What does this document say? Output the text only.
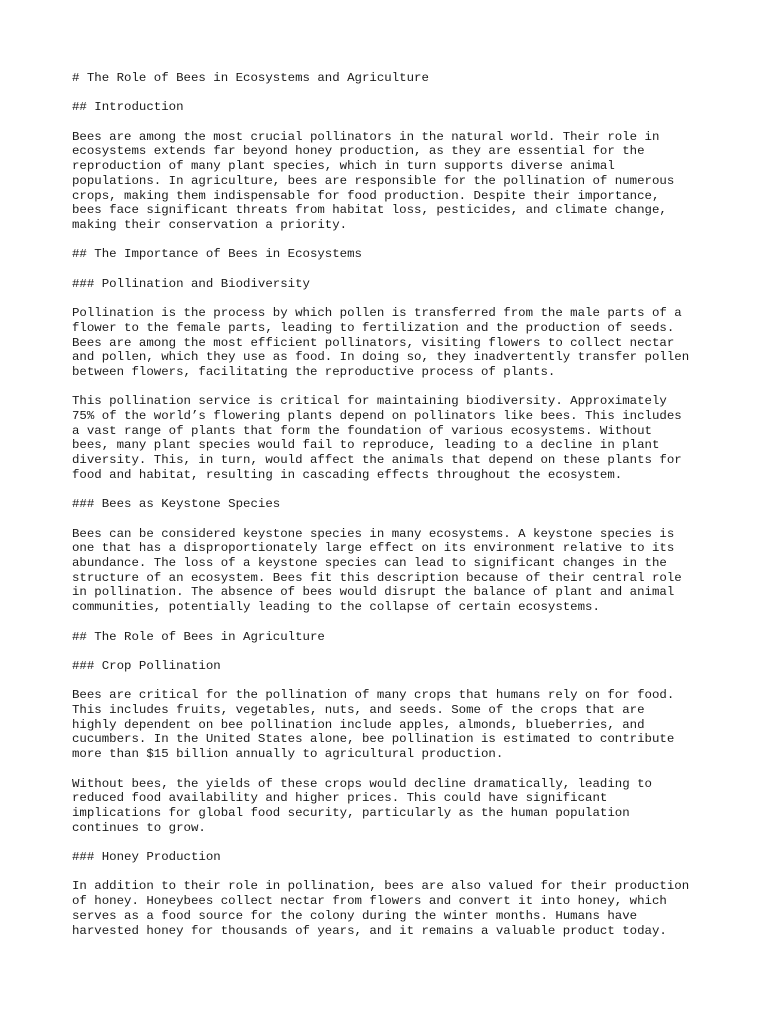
# The Role of Bees in Ecosystems and Agriculture
## Introduction
Bees are among the most crucial pollinators in the natural world. Their role in
ecosystems extends far beyond honey production, as they are essential for the
reproduction of many plant species, which in turn supports diverse animal
populations. In agriculture, bees are responsible for the pollination of numerous
crops, making them indispensable for food production. Despite their importance,
bees face significant threats from habitat loss, pesticides, and climate change,
making their conservation a priority.
## The Importance of Bees in Ecosystems
### Pollination and Biodiversity
Pollination is the process by which pollen is transferred from the male parts of a
flower to the female parts, leading to fertilization and the production of seeds.
Bees are among the most efficient pollinators, visiting flowers to collect nectar
and pollen, which they use as food. In doing so, they inadvertently transfer pollen
between flowers, facilitating the reproductive process of plants.
This pollination service is critical for maintaining biodiversity. Approximately
75% of the world’s flowering plants depend on pollinators like bees. This includes
a vast range of plants that form the foundation of various ecosystems. Without
bees, many plant species would fail to reproduce, leading to a decline in plant
diversity. This, in turn, would affect the animals that depend on these plants for
food and habitat, resulting in cascading effects throughout the ecosystem.
### Bees as Keystone Species
Bees can be considered keystone species in many ecosystems. A keystone species is
one that has a disproportionately large effect on its environment relative to its
abundance. The loss of a keystone species can lead to significant changes in the
structure of an ecosystem. Bees fit this description because of their central role
in pollination. The absence of bees would disrupt the balance of plant and animal
communities, potentially leading to the collapse of certain ecosystems.
## The Role of Bees in Agriculture
### Crop Pollination
Bees are critical for the pollination of many crops that humans rely on for food.
This includes fruits, vegetables, nuts, and seeds. Some of the crops that are
highly dependent on bee pollination include apples, almonds, blueberries, and
cucumbers. In the United States alone, bee pollination is estimated to contribute
more than $15 billion annually to agricultural production.
Without bees, the yields of these crops would decline dramatically, leading to
reduced food availability and higher prices. This could have significant
implications for global food security, particularly as the human population
continues to grow.
### Honey Production
In addition to their role in pollination, bees are also valued for their production
of honey. Honeybees collect nectar from flowers and convert it into honey, which
serves as a food source for the colony during the winter months. Humans have
harvested honey for thousands of years, and it remains a valuable product today.
